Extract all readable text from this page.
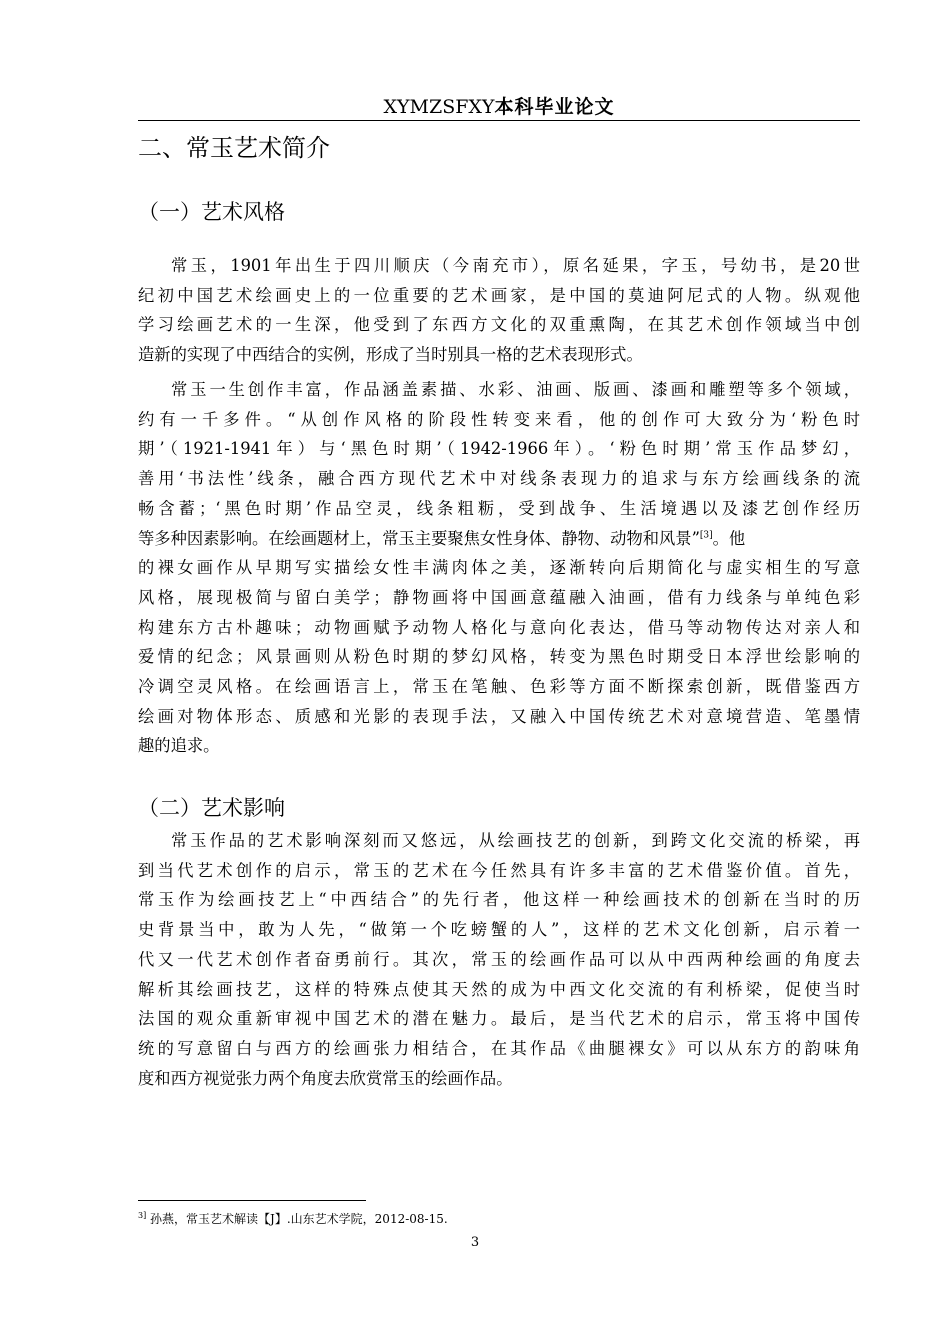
XYMZSFXY本科毕业论文
二、常玉艺术简介
（一）艺术风格
常玉，1901年出生于四川顺庆（今南充市），原名延果，字玉，号幼书，是20世
纪初中国艺术绘画史上的一位重要的艺术画家，是中国的莫迪阿尼式的人物。纵观他
学习绘画艺术的一生深，他受到了东西方文化的双重熏陶，在其艺术创作领域当中创
造新的实现了中西结合的实例，形成了当时别具一格的艺术表现形式。
常玉一生创作丰富，作品涵盖素描、水彩、油画、版画、漆画和雕塑等多个领域，
约有一千多件。“从创作风格的阶段性转变来看，他的创作可大致分为‘粉色时
期’（1921-1941年）与‘黑色时期’（1942-1966年）。‘粉色时期’常玉作品梦幻，
善用‘书法性’线条，融合西方现代艺术中对线条表现力的追求与东方绘画线条的流
畅含蓄；‘黑色时期’作品空灵，线条粗粝，受到战争、生活境遇以及漆艺创作经历
等多种因素影响。在绘画题材上，常玉主要聚焦女性身体、静物、动物和风景”[3]。他
的裸女画作从早期写实描绘女性丰满肉体之美，逐渐转向后期简化与虚实相生的写意
风格，展现极简与留白美学；静物画将中国画意蕴融入油画，借有力线条与单纯色彩
构建东方古朴趣味；动物画赋予动物人格化与意向化表达，借马等动物传达对亲人和
爱情的纪念；风景画则从粉色时期的梦幻风格，转变为黑色时期受日本浮世绘影响的
冷调空灵风格。在绘画语言上，常玉在笔触、色彩等方面不断探索创新，既借鉴西方
绘画对物体形态、质感和光影的表现手法，又融入中国传统艺术对意境营造、笔墨情
趣的追求。
（二）艺术影响
常玉作品的艺术影响深刻而又悠远，从绘画技艺的创新，到跨文化交流的桥梁，再
到当代艺术创作的启示，常玉的艺术在今任然具有许多丰富的艺术借鉴价值。首先，
常玉作为绘画技艺上“中西结合”的先行者，他这样一种绘画技术的创新在当时的历
史背景当中，敢为人先，“做第一个吃螃蟹的人”，这样的艺术文化创新，启示着一
代又一代艺术创作者奋勇前行。其次，常玉的绘画作品可以从中西两种绘画的角度去
解析其绘画技艺，这样的特殊点使其天然的成为中西文化交流的有利桥梁，促使当时
法国的观众重新审视中国艺术的潜在魅力。最后，是当代艺术的启示，常玉将中国传
统的写意留白与西方的绘画张力相结合，在其作品《曲腿裸女》可以从东方的韵味角
度和西方视觉张力两个角度去欣赏常玉的绘画作品。
$^{3]}$ 孙燕，常玉艺术解读【J】.山东艺术学院，2012-08-15.
3
